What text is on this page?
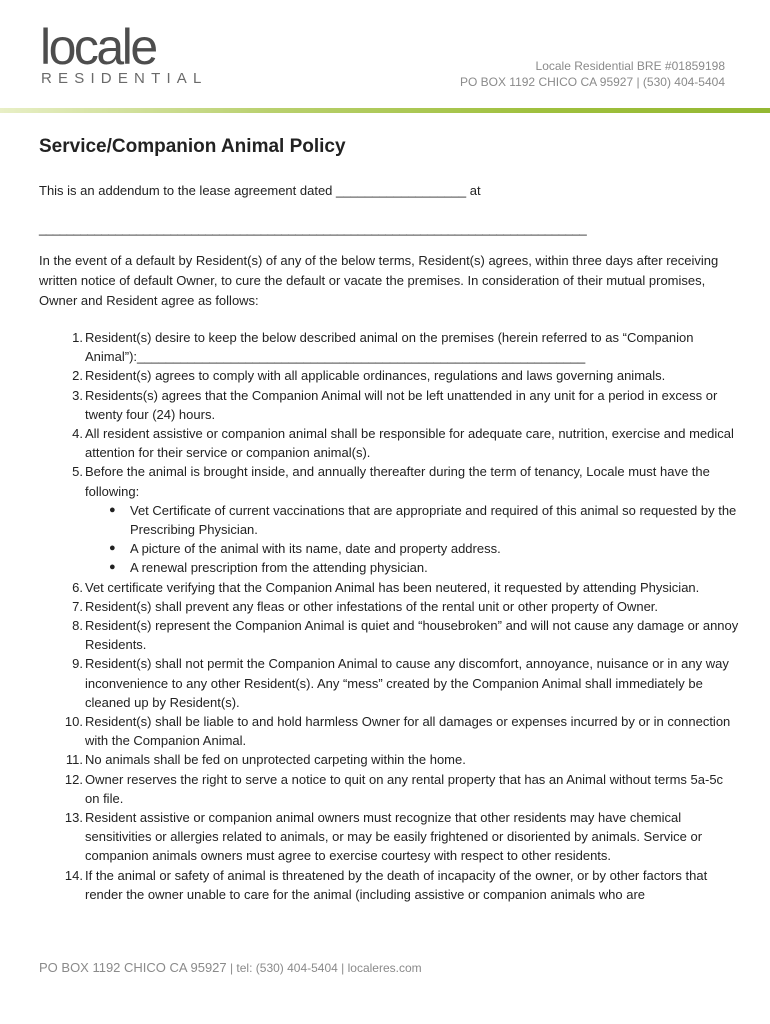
locale
RESIDENTIAL
Locale Residential BRE #01859198
PO BOX 1192 CHICO CA 95927 | (530) 404-5404
Service/Companion Animal Policy
This is an addendum to the lease agreement dated __________________ at
_______________________________________________________________________________
In the event of a default by Resident(s) of any of the below terms, Resident(s) agrees, within three days after receiving written notice of default Owner, to cure the default or vacate the premises. In consideration of their mutual promises, Owner and Resident agree as follows:
1. Resident(s) desire to keep the below described animal on the premises (herein referred to as “Companion Animal”):______________________________________________________________
2. Resident(s) agrees to comply with all applicable ordinances, regulations and laws governing animals.
3. Residents(s) agrees that the Companion Animal will not be left unattended in any unit for a period in excess or twenty four (24) hours.
4. All resident assistive or companion animal shall be responsible for adequate care, nutrition, exercise and medical attention for their service or companion animal(s).
5. Before the animal is brought inside, and annually thereafter during the term of tenancy, Locale must have the following:
● Vet Certificate of current vaccinations that are appropriate and required of this animal so requested by the Prescribing Physician.
● A picture of the animal with its name, date and property address.
● A renewal prescription from the attending physician.
6. Vet certificate verifying that the Companion Animal has been neutered, it requested by attending Physician.
7. Resident(s) shall prevent any fleas or other infestations of the rental unit or other property of Owner.
8. Resident(s) represent the Companion Animal is quiet and “housebroken” and will not cause any damage or annoy Residents.
9. Resident(s) shall not permit the Companion Animal to cause any discomfort, annoyance, nuisance or in any way inconvenience to any other Resident(s). Any “mess” created by the Companion Animal shall immediately be cleaned up by Resident(s).
10. Resident(s) shall be liable to and hold harmless Owner for all damages or expenses incurred by or in connection with the Companion Animal.
11. No animals shall be fed on unprotected carpeting within the home.
12. Owner reserves the right to serve a notice to quit on any rental property that has an Animal without terms 5a-5c on file.
13. Resident assistive or companion animal owners must recognize that other residents may have chemical sensitivities or allergies related to animals, or may be easily frightened or disoriented by animals. Service or companion animals owners must agree to exercise courtesy with respect to other residents.
14. If the animal or safety of animal is threatened by the death of incapacity of the owner, or by other factors that render the owner unable to care for the animal (including assistive or companion animals who are
PO BOX 1192 CHICO CA 95927 | tel: (530) 404-5404 | localeres.com
